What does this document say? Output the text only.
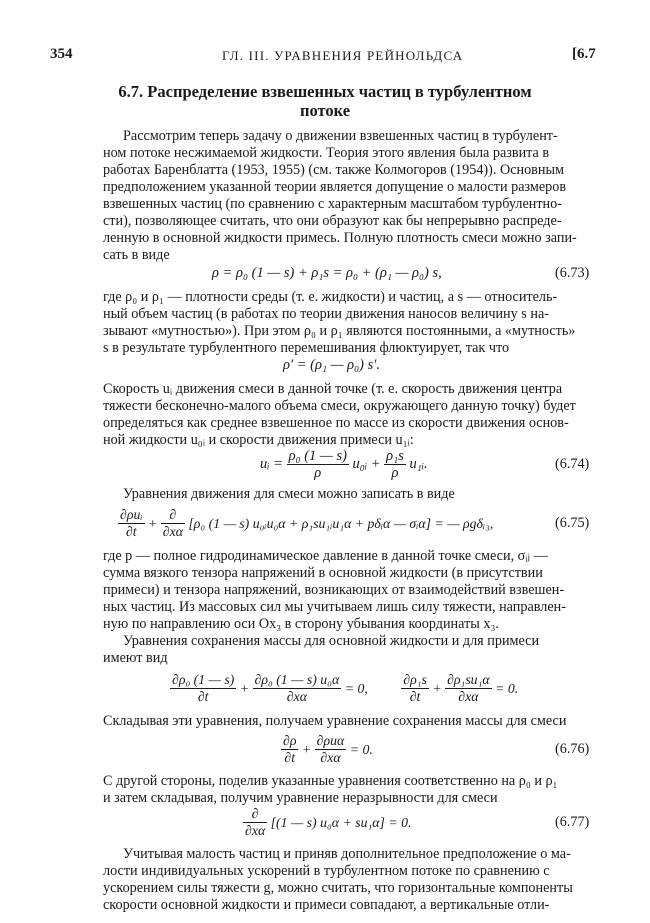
354	ГЛ. III. УРАВНЕНИЯ РЕЙНОЛЬДСА	[6.7
6.7. Распределение взвешенных частиц в турбулентном
потоке
Рассмотрим теперь задачу о движении взвешенных частиц в турбулент-
ном потоке несжимаемой жидкости. Теория этого явления была развита в
работах Баренблатта (1953, 1955) (см. также Колмогоров (1954)). Основным
предположением указанной теории является допущение о малости размеров
взвешенных частиц (по сравнению с характерным масштабом турбулентно-
сти), позволяющее считать, что они образуют как бы непрерывно распреде-
ленную в основной жидкости примесь. Полную плотность смеси можно запи-
сать в виде
ρ = ρ₀ (1 — s) + ρ₁s = ρ₀ + (ρ₁ — ρ₀) s,	(6.73)
где ρ₀ и ρ₁ — плотности среды (т. е. жидкости) и частиц, а s — относитель-
ный объем частиц (в работах по теории движения наносов величину s на-
зывают «мутностью»). При этом ρ₀ и ρ₁ являются постоянными, а «мутность»
s в результате турбулентного перемешивания флюктуирует, так что
ρ′ = (ρ₁ — ρ₀) s′.
Скорость uᵢ движения смеси в данной точке (т. е. скорость движения центра
тяжести бесконечно-малого объема смеси, окружающего данную точку) будет
определяться как среднее взвешенное по массе из скорости движения основ-
ной жидкости u₀ᵢ и скорости движения примеси u₁ᵢ:
uᵢ = $\frac{\text{ρ₀ (1 — s)}}{\rho}$ u₀ᵢ + $\frac{\text{ρ₁s}}{\rho}$ u₁ᵢ.	(6.74)
Уравнения движения для смеси можно записать в виде
$\frac{\text{∂ρuᵢ}}{\partial t} + \frac{\partial}{\partial x\alpha} [\rho_0$ (1 — s) u₀ᵢu₀α + ρ₁su₁ᵢu₁α + pδᵢα — σᵢα] = — ρgδᵢ₃,	(6.75)
где p — полное гидродинамическое давление в данной точке смеси, σᵢⱼ —
сумма вязкого тензора напряжений в основной жидкости (в присутствии
примеси) и тензора напряжений, возникающих от взаимодействий взвешен-
ных частиц. Из массовых сил мы учитываем лишь силу тяжести, направлен-
ную по направлению оси Ox₃ в сторону убывания координаты x₃.
Уравнения сохранения массы для основной жидкости и для примеси
имеют вид
$\frac{\text{∂ρ₀ (1 — s)}}{\partial t} + \frac{\text{∂ρ₀ (1 — s) u₀α}}{\partial x\alpha} = 0$, $\frac{\text{∂ρ₁s}}{\partial t} + \frac{\text{∂ρ₁su₁α}}{\partial x\alpha} = 0$.
Складывая эти уравнения, получаем уравнение сохранения массы для смеси
$\frac{\partial\rho}{\partial t} + \frac{\text{∂ρuα}}{\partial x\alpha} = 0$.	(6.76)
С другой стороны, поделив указанные уравнения соответственно на ρ₀ и ρ₁
и затем складывая, получим уравнение неразрывности для смеси
$\frac{\partial}{\partial x\alpha} [(1$ — s) u₀α + su₁α] = 0.	(6.77)
Учитывая малость частиц и приняв дополнительное предположение о ма-
лости индивидуальных ускорений в турбулентном потоке по сравнению с
ускорением силы тяжести g, можно считать, что горизонтальные компоненты
скорости основной жидкости и примеси совпадают, а вертикальные отли-
